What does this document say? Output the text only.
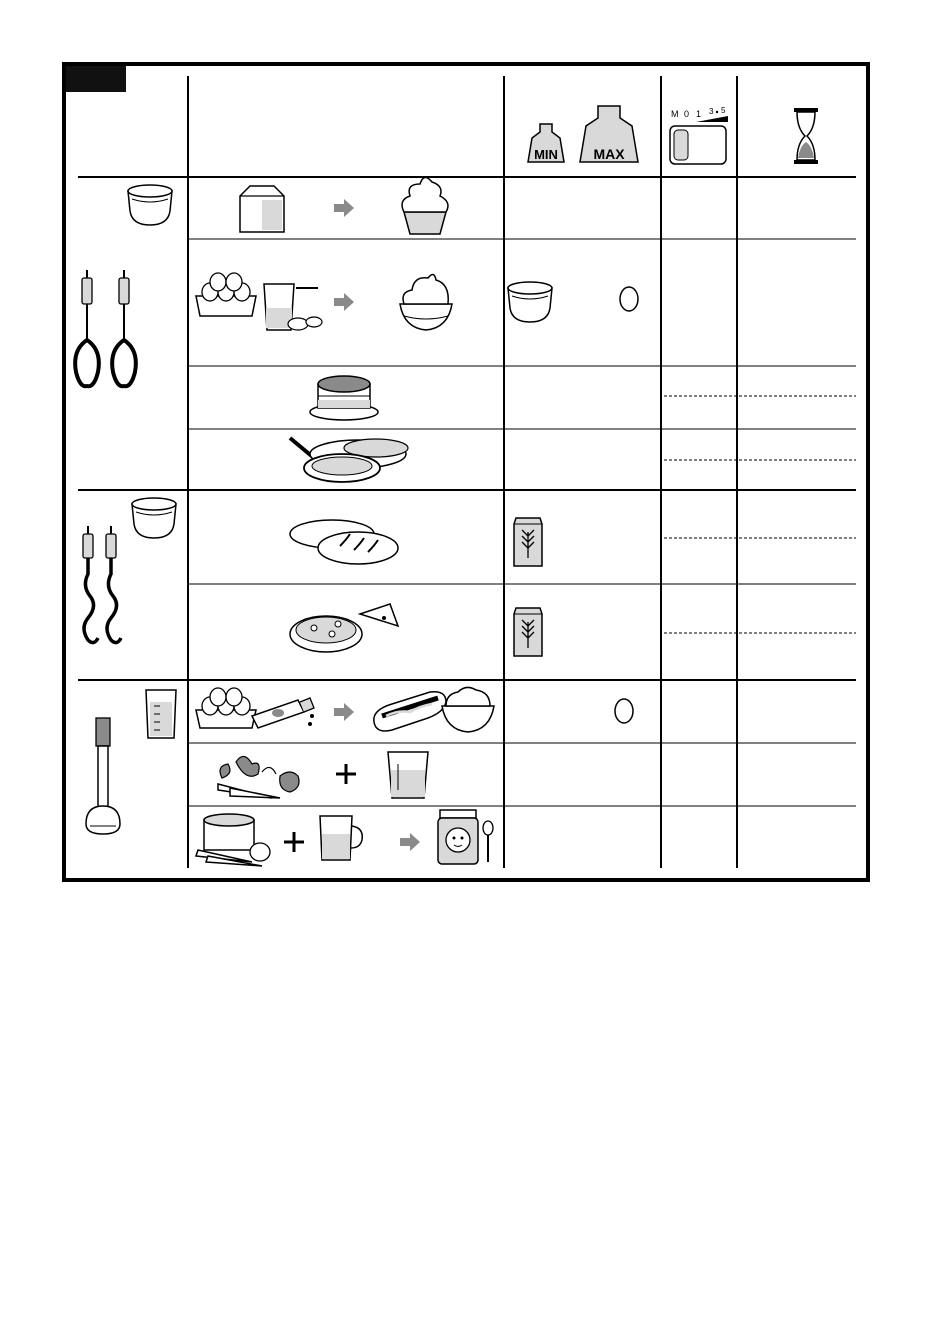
MIN	MAX
M 0 1 3 5
